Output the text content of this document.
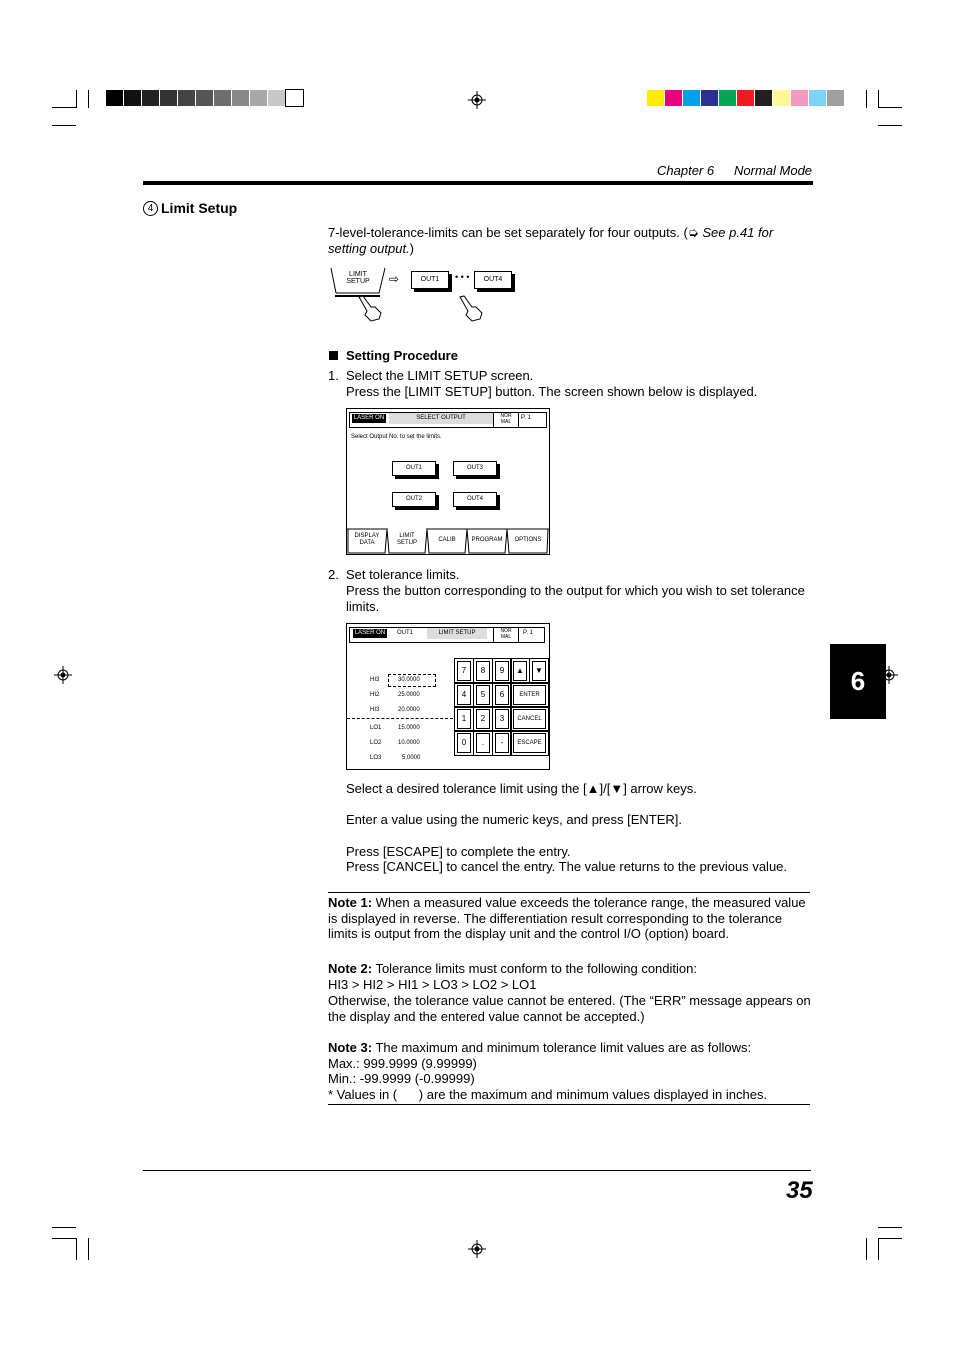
Chapter 6 Normal Mode
4 Limit Setup
7-level-tolerance-limits can be set separately for four outputs. (➭ See p.41 for setting output.)
LIMIT SETUP	⇨	OUT1	• • •	OUT4
Setting Procedure
1. Select the LIMIT SETUP screen.
Press the [LIMIT SETUP] button. The screen shown below is displayed.
LASER ON	SELECT OUTPUT	NOR MAL
P. 1
Select Output No. to set the limits.
OUT1	OUT3
OUT2	OUT4
DISPLAY DATA
LIMIT SETUP	CALIB	PROGRAM	OPTIONS
2. Set tolerance limits.
Press the button corresponding to the output for which you wish to set tolerance limits.
LASER ON	OUT1	LIMIT SETUP	NOR MAL
P. 1
HI3	30.0000
HI2	25.0000
HI3	20.0000
LO1	15.0000
LO2	10.0000
LO3	5.0000
7	8	9	▲	▼
4	5	6	ENTER
1	2	3	CANCEL
0	.	-	ESCAPE
Select a desired tolerance limit using the [▲]/[▼] arrow keys.
Enter a value using the numeric keys, and press [ENTER].
Press [ESCAPE] to complete the entry.
Press [CANCEL] to cancel the entry. The value returns to the previous value.
Note 1: When a measured value exceeds the tolerance range, the measured value is displayed in reverse. The differentiation result corresponding to the tolerance limits is output from the display unit and the control I/O (option) board.
Note 2: Tolerance limits must conform to the following condition:
HI3 > HI2 > HI1 > LO3 > LO2 > LO1
Otherwise, the tolerance value cannot be entered. (The “ERR” message appears on the display and the entered value cannot be accepted.)
Note 3: The maximum and minimum tolerance limit values are as follows:
Max.: 999.9999 (9.99999)
Min.: -99.9999 (-0.99999)
* Values in (      ) are the maximum and minimum values displayed in inches.
6
35
